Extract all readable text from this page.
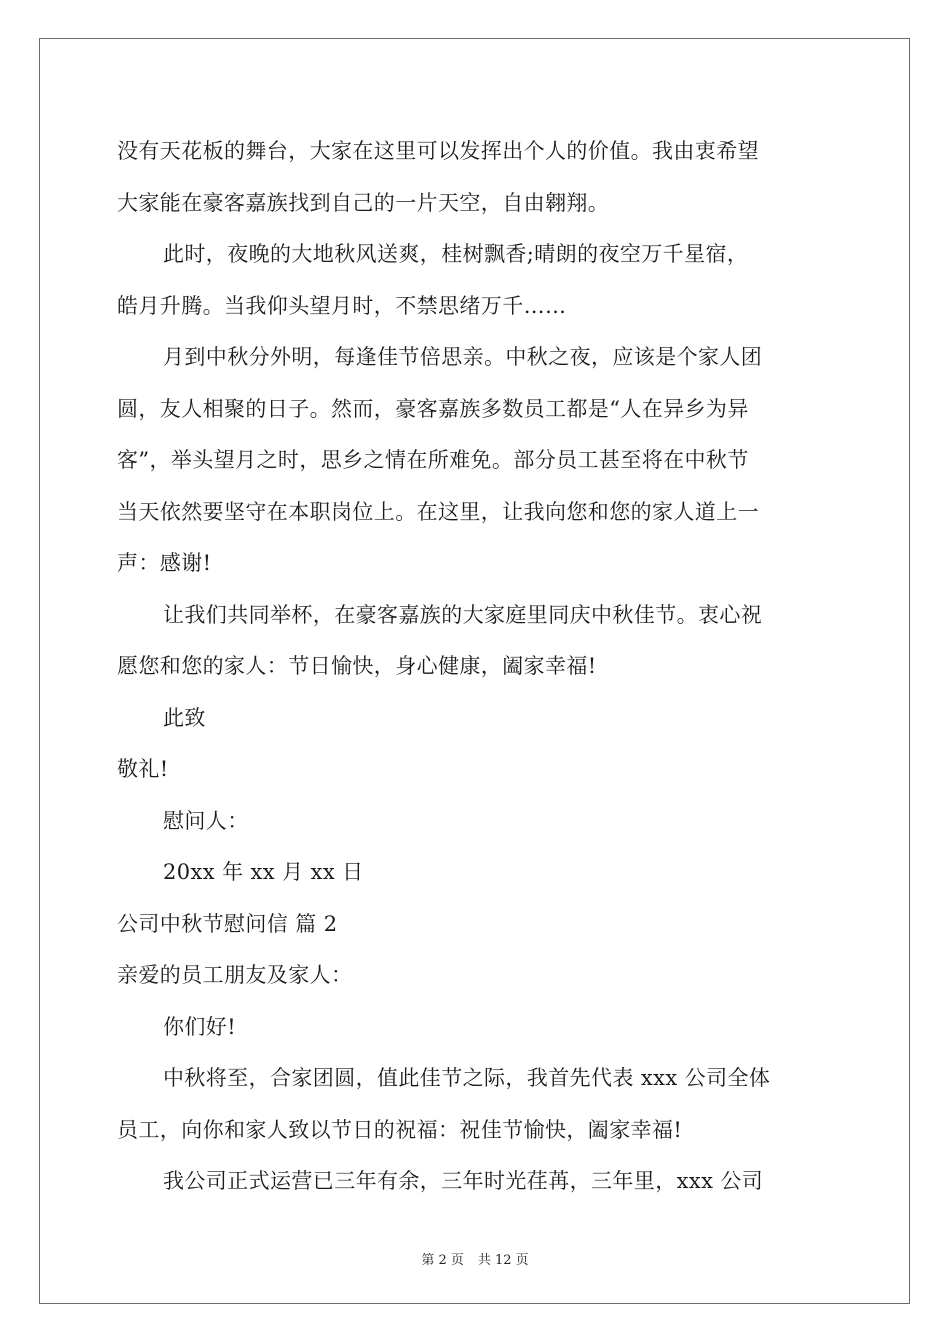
没有天花板的舞台，大家在这里可以发挥出个人的价值。我由衷希望
大家能在豪客嘉族找到自己的一片天空，自由翱翔。
此时，夜晚的大地秋风送爽，桂树飘香;晴朗的夜空万千星宿，
皓月升腾。当我仰头望月时，不禁思绪万千……
月到中秋分外明，每逢佳节倍思亲。中秋之夜，应该是个家人团
圆，友人相聚的日子。然而，豪客嘉族多数员工都是“人在异乡为异
客”，举头望月之时，思乡之情在所难免。部分员工甚至将在中秋节
当天依然要坚守在本职岗位上。在这里，让我向您和您的家人道上一
声：感谢!
让我们共同举杯，在豪客嘉族的大家庭里同庆中秋佳节。衷心祝
愿您和您的家人：节日愉快，身心健康，阖家幸福!
此致
敬礼!
慰问人：
20xx 年 xx 月 xx 日
公司中秋节慰问信 篇 2
亲爱的员工朋友及家人：
你们好!
中秋将至，合家团圆，值此佳节之际，我首先代表 xxx 公司全体
员工，向你和家人致以节日的祝福：祝佳节愉快，阖家幸福!
我公司正式运营已三年有余，三年时光荏苒，三年里，xxx 公司
第 2 页 共 12 页
